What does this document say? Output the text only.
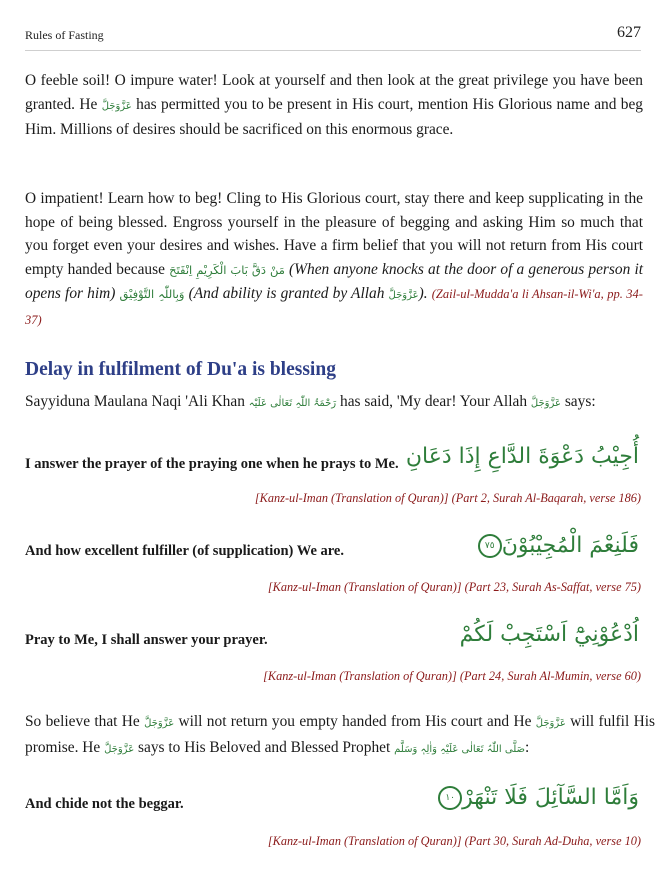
Rules of Fasting	627

O feeble soil! O impure water! Look at yourself and then look at the great privilege you have been granted. He عَزَّوَجَلَّ has permitted you to be present in His court, mention His Glorious name and beg Him. Millions of desires should be sacrificed on this enormous grace.

O impatient! Learn how to beg! Cling to His Glorious court, stay there and keep supplicating in the hope of being blessed. Engross yourself in the pleasure of begging and asking Him so much that you forget even your desires and wishes. Have a firm belief that you will not return from His court empty handed because مَنْ دَقَّ بَابَ الْكَرِيْمِ اِنْفَتَحَ (When anyone knocks at the door of a generous person it opens for him) وَبِاللّٰہِ التَّوْفِيْق (And ability is granted by Allah عَزَّوَجَلَّ). (Zail-ul-Mudda'a li Ahsan-il-Wi'a, pp. 34-37)

Delay in fulfilment of Du'a is blessing

Sayyiduna Maulana Naqi 'Ali Khan رَحْمَۃُ اللّٰہِ تَعَالٰی عَلَیْہ has said, 'My dear! Your Allah عَزَّوَجَلَّ says:

I answer the prayer of the praying one when he prays to Me. أُجِيْبُ دَعْوَةَ الدَّاعِ إِذَا دَعَانِ
[Kanz-ul-Iman (Translation of Quran)] (Part 2, Surah Al-Baqarah, verse 186)
And how excellent fulfiller (of supplication) We are.	فَلَنِعْمَ الْمُجِيْبُوْنَ٧٥
[Kanz-ul-Iman (Translation of Quran)] (Part 23, Surah As-Saffat, verse 75)
Pray to Me, I shall answer your prayer.	اُدْعُوْنِيْٓ اَسْتَجِبْ لَكُمْ
[Kanz-ul-Iman (Translation of Quran)] (Part 24, Surah Al-Mumin, verse 60)

So believe that He عَزَّوَجَلَّ will not return you empty handed from His court and He عَزَّوَجَلَّ will fulfil His promise. He عَزَّوَجَلَّ says to His Beloved and Blessed Prophet صَلَّی اللّٰہُ تَعَالٰی عَلَیْہِ وَاٰلِہٖ وَسَلَّم:

And chide not the beggar.	وَاَمَّا السَّآئِلَ فَلَا تَنْهَرْ١٠
[Kanz-ul-Iman (Translation of Quran)] (Part 30, Surah Ad-Duha, verse 10)
